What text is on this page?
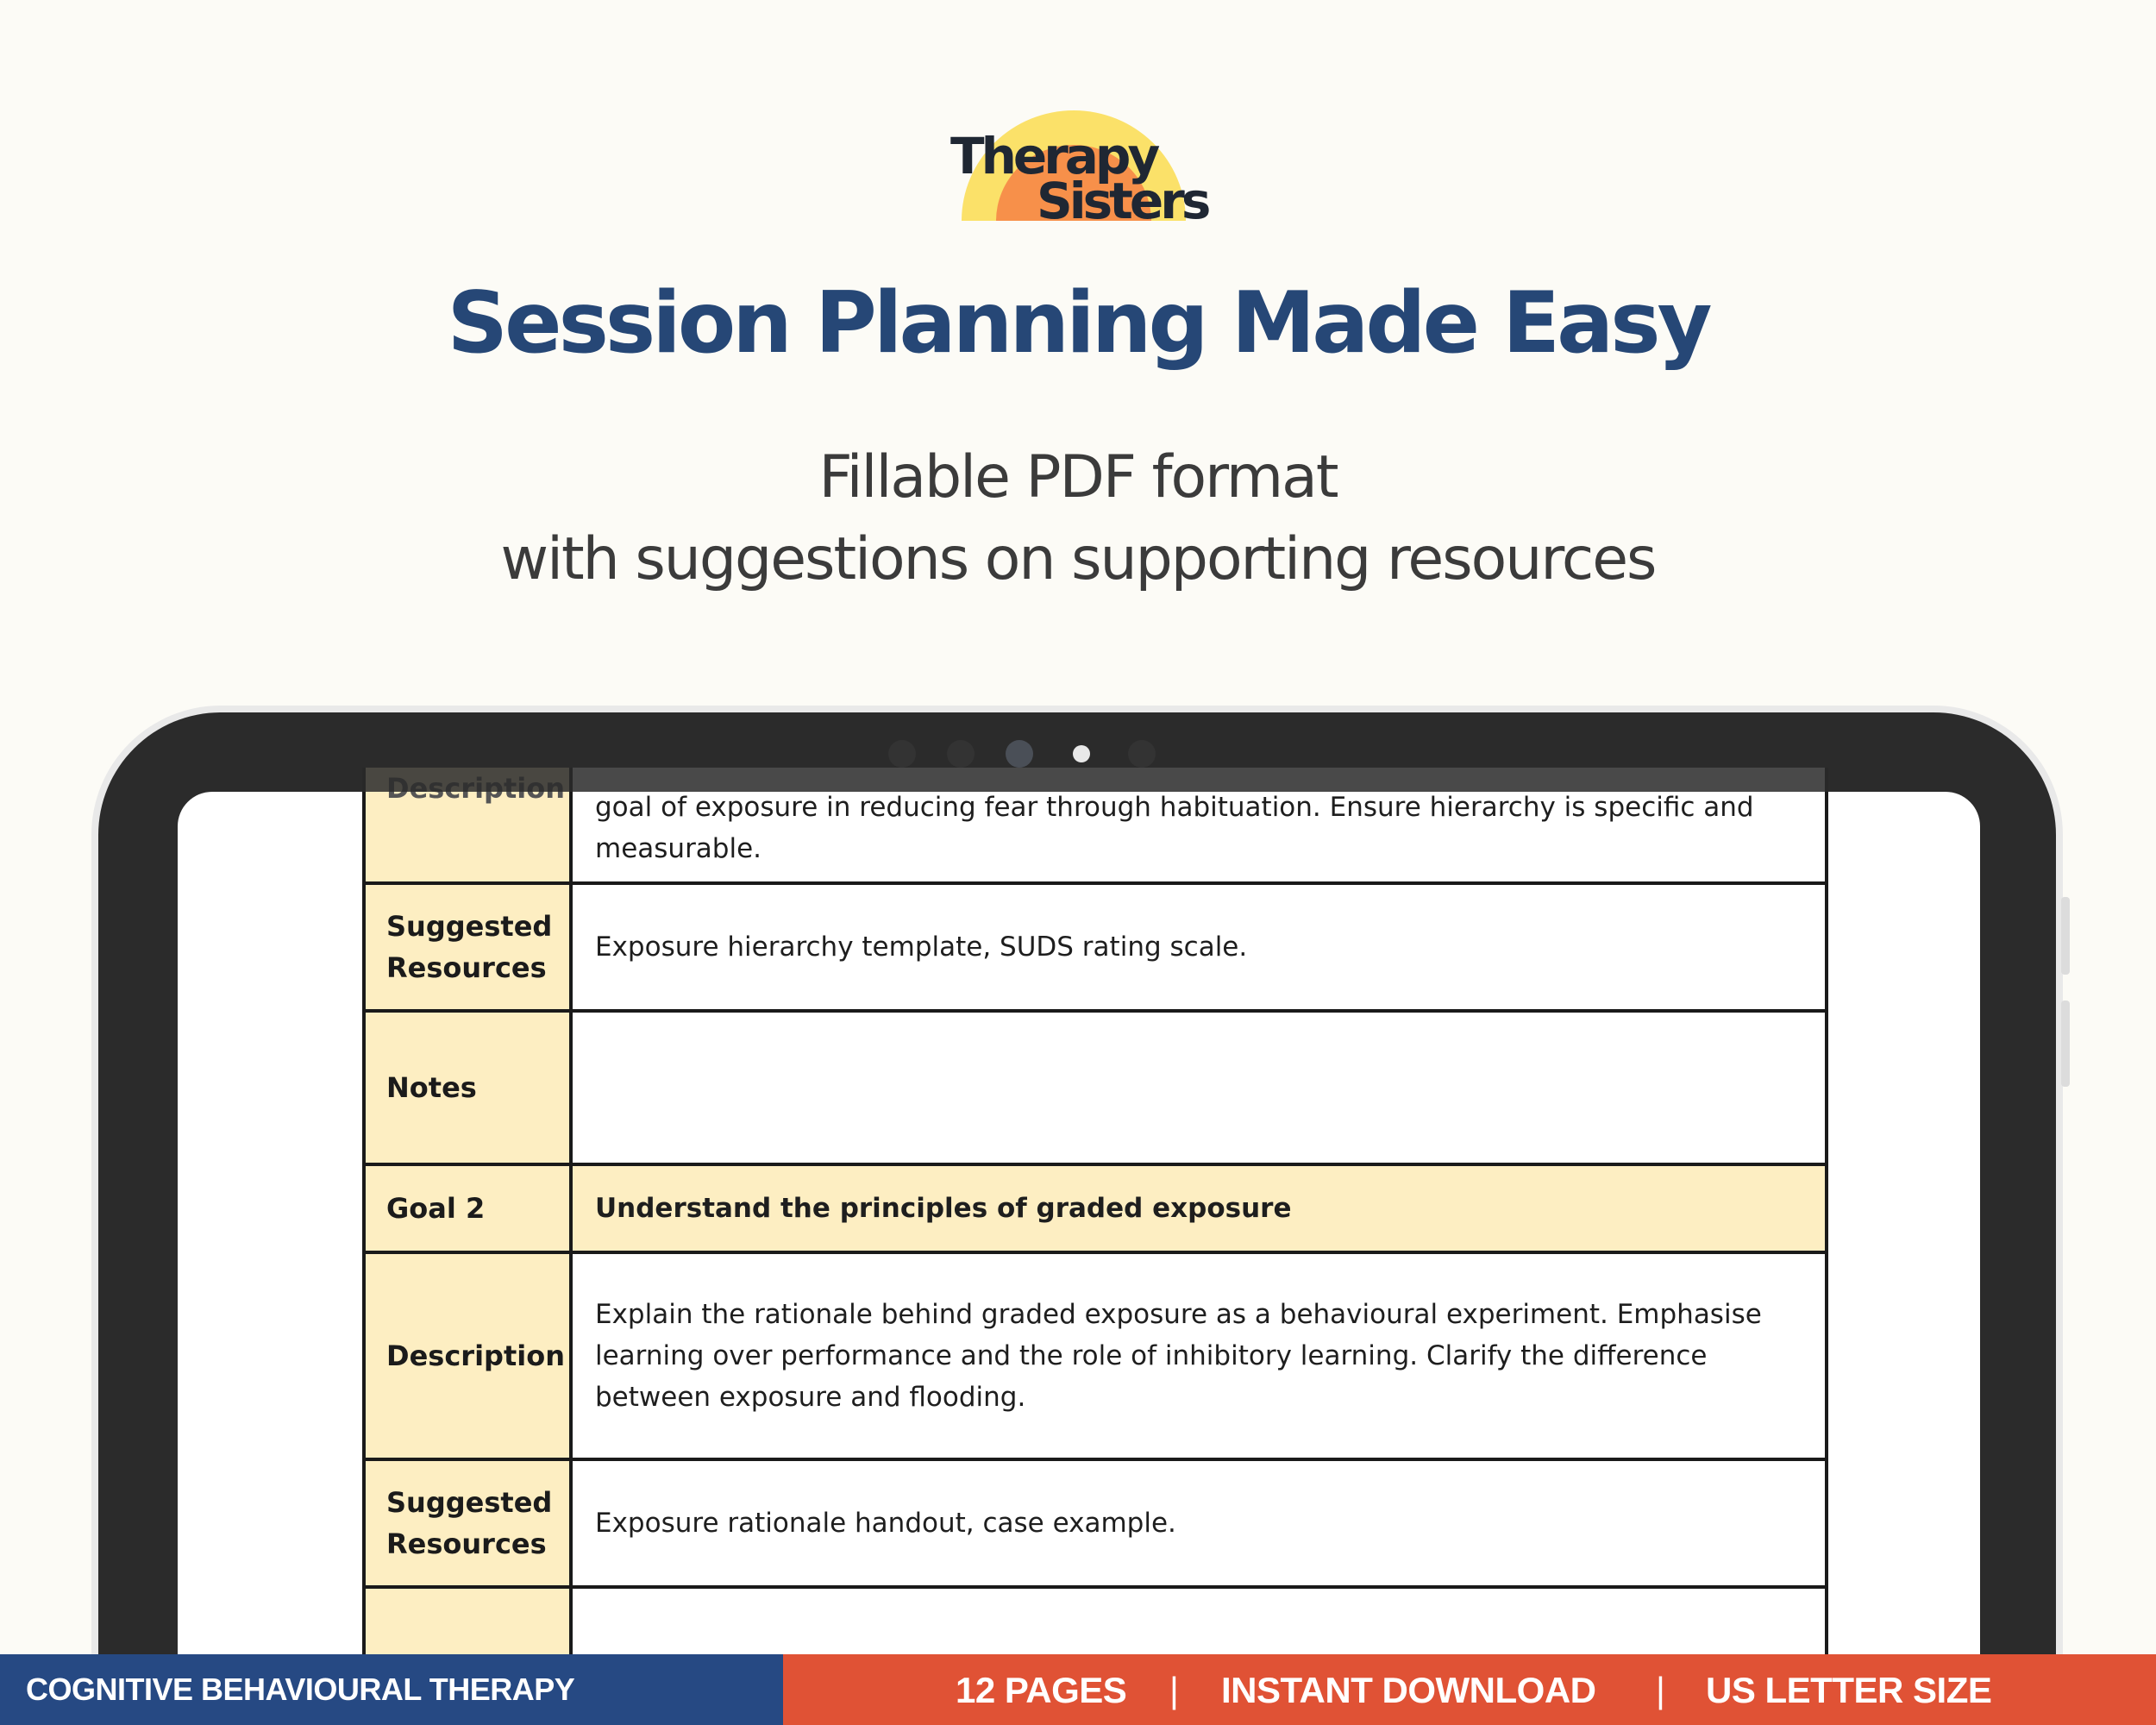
Therapy
Sisters
Session Planning Made Easy
Fillable PDF format
with suggestions on supporting resources
goal of exposure in reducing fear through habituation. Ensure hierarchy is specific and measurable.
Suggested Resources
Exposure hierarchy template, SUDS rating scale.
Notes
Goal 2	Understand the principles of graded exposure
Description
Explain the rationale behind graded exposure as a behavioural experiment. Emphasise learning over performance and the role of inhibitory learning. Clarify the difference between exposure and flooding.
Suggested Resources
Exposure rationale handout, case example.
COGNITIVE BEHAVIOURAL THERAPY	12 PAGES | INSTANT DOWNLOAD | US LETTER SIZE
